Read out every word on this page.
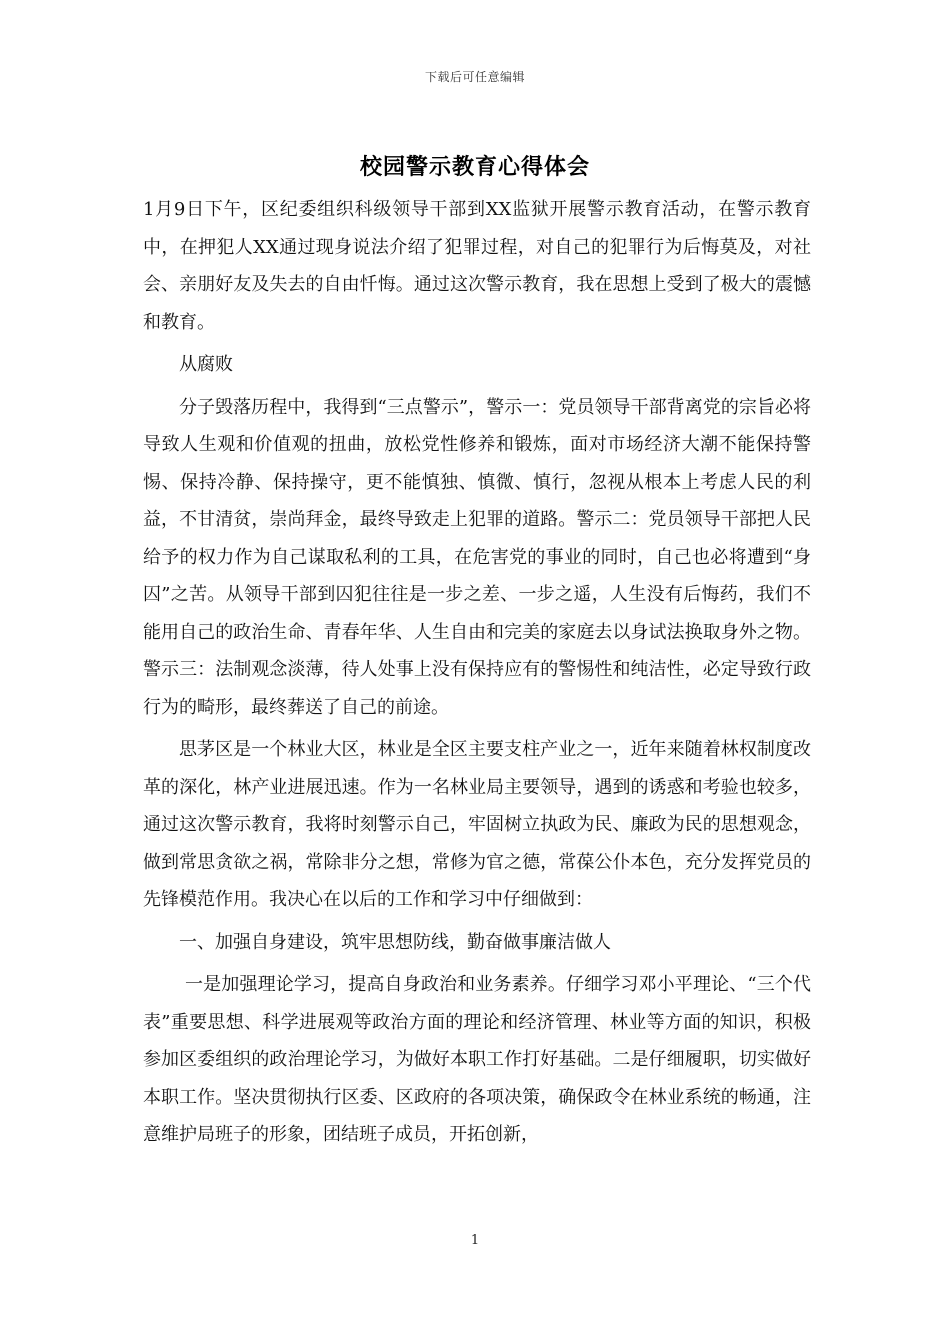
下载后可任意编辑
校园警示教育心得体会

1月9日下午，区纪委组织科级领导干部到XX监狱开展警示教育活动，在警示教育中，在押犯人XX通过现身说法介绍了犯罪过程，对自己的犯罪行为后悔莫及，对社会、亲朋好友及失去的自由忏悔。通过这次警示教育，我在思想上受到了极大的震憾和教育。

从腐败

分子毁落历程中，我得到“三点警示”，警示一：党员领导干部背离党的宗旨必将导致人生观和价值观的扭曲，放松党性修养和锻炼，面对市场经济大潮不能保持警惕、保持冷静、保持操守，更不能慎独、慎微、慎行，忽视从根本上考虑人民的利益，不甘清贫，崇尚拜金，最终导致走上犯罪的道路。警示二：党员领导干部把人民给予的权力作为自己谋取私利的工具，在危害党的事业的同时，自己也必将遭到“身囚”之苦。从领导干部到囚犯往往是一步之差、一步之遥，人生没有后悔药，我们不能用自己的政治生命、青春年华、人生自由和完美的家庭去以身试法换取身外之物。警示三：法制观念淡薄，待人处事上没有保持应有的警惕性和纯洁性，必定导致行政行为的畸形，最终葬送了自己的前途。

思茅区是一个林业大区，林业是全区主要支柱产业之一，近年来随着林权制度改革的深化，林产业进展迅速。作为一名林业局主要领导，遇到的诱惑和考验也较多，通过这次警示教育，我将时刻警示自己，牢固树立执政为民、廉政为民的思想观念，做到常思贪欲之祸，常除非分之想，常修为官之德，常葆公仆本色，充分发挥党员的先锋模范作用。我决心在以后的工作和学习中仔细做到：

一、加强自身建设，筑牢思想防线，勤奋做事廉洁做人

一是加强理论学习，提高自身政治和业务素养。仔细学习邓小平理论、“三个代表”重要思想、科学进展观等政治方面的理论和经济管理、林业等方面的知识，积极参加区委组织的政治理论学习，为做好本职工作打好基础。二是仔细履职，切实做好本职工作。坚决贯彻执行区委、区政府的各项决策，确保政令在林业系统的畅通，注意维护局班子的形象，团结班子成员，开拓创新，

1
